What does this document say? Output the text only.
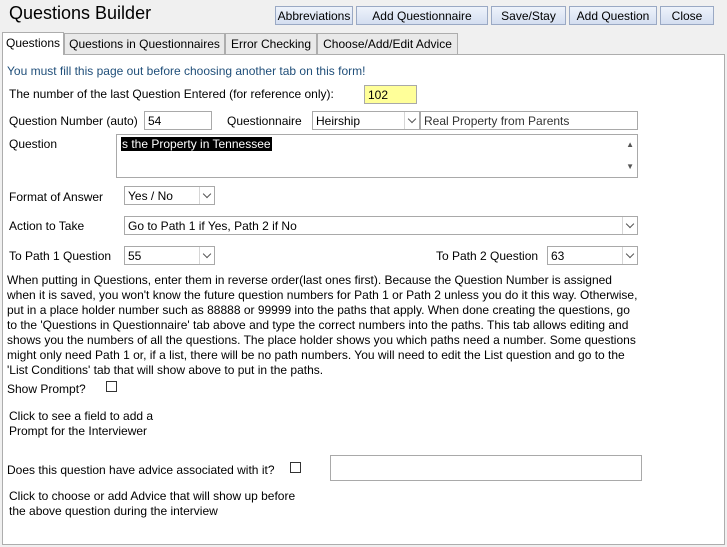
Questions Builder	Abbreviations	Add Questionnaire	Save/Stay	Add Question	Close
Questions Questions in Questionnaires Error Checking	Choose/Add/Edit Advice
You must fill this page out before choosing another tab on this form!
The number of the last Question Entered (for reference only):	102
Question Number (auto) 54	Questionnaire	Heirship	Real Property from Parents
Question	s the Property in Tennessee	▲
▼
Format of Answer	Yes / No
Action to Take	Go to Path 1 if Yes, Path 2 if No
To Path 1 Question	55	To Path 2 Question	63
When putting in Questions, enter them in reverse order(last ones first). Because the Question Number is assigned when it is saved, you won't know the future question numbers for Path 1 or Path 2 unless you do it this way. Otherwise, put in a place holder number such as 88888 or 99999 into the paths that apply. When done creating the questions, go to the 'Questions in Questionnaire' tab above and type the correct numbers into the paths. This tab allows editing and shows you the numbers of all the questions. The place holder shows you which paths need a number. Some questions might only need Path 1 or, if a list, there will be no path numbers. You will need to edit the List question and go to the 'List Conditions' tab that will show above to put in the paths.
Show Prompt?
Click to see a field to add a
Prompt for the Interviewer
Does this question have advice associated with it?
Click to choose or add Advice that will show up before
the above question during the interview
